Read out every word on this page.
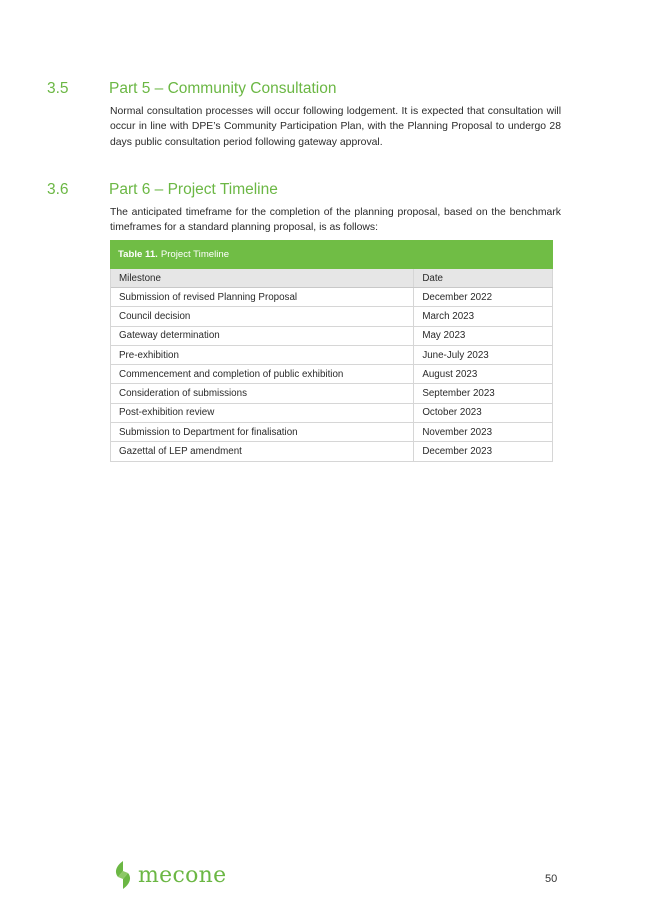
3.5	Part 5 – Community Consultation

Normal consultation processes will occur following lodgement. It is expected that consultation will occur in line with DPE’s Community Participation Plan, with the Planning Proposal to undergo 28 days public consultation period following gateway approval.

3.6	Part 6 – Project Timeline

The anticipated timeframe for the completion of the planning proposal, based on the benchmark timeframes for a standard planning proposal, is as follows:

Table 11. Project Timeline
Milestone	Date
Submission of revised Planning Proposal	December 2022
Council decision	March 2023
Gateway determination	May 2023
Pre-exhibition	June-July 2023
Commencement and completion of public exhibition	August 2023
Consideration of submissions	September 2023
Post-exhibition review	October 2023
Submission to Department for finalisation	November 2023
Gazettal of LEP amendment	December 2023
mecone	50
